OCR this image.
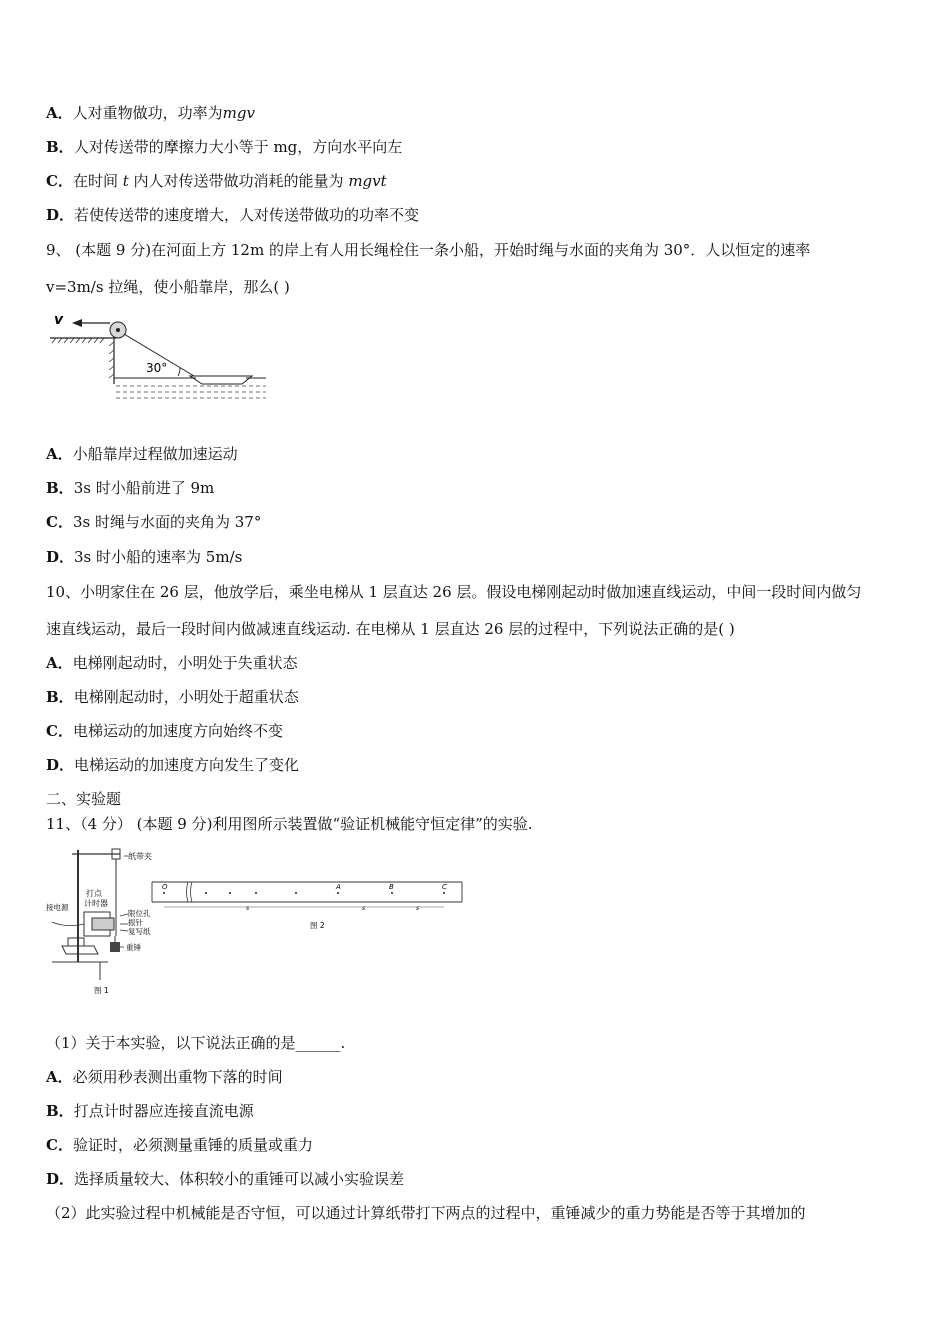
A．人对重物做功，功率为mgv
B．人对传送带的摩擦力大小等于 mg，方向水平向左
C．在时间 t 内人对传送带做功消耗的能量为 mgvt
D．若使传送带的速度增大，人对传送带做功的功率不变
9、 (本题 9 分)在河面上方 12m 的岸上有人用长绳栓住一条小船，开始时绳与水面的夹角为 30°．人以恒定的速率
v=3m/s 拉绳，使小船靠岸，那么( )
v
30°
A．小船靠岸过程做加速运动
B．3s 时小船前进了 9m
C．3s 时绳与水面的夹角为 37°
D．3s 时小船的速率为 5m/s
10、小明家住在 26 层，他放学后，乘坐电梯从 1 层直达 26 层。假设电梯刚起动时做加速直线运动，中间一段时间内做匀
速直线运动，最后一段时间内做减速直线运动. 在电梯从 1 层直达 26 层的过程中，下列说法正确的是( )
A．电梯刚起动时，小明处于失重状态
B．电梯刚起动时，小明处于超重状态
C．电梯运动的加速度方向始终不变
D．电梯运动的加速度方向发生了变化
二、实验题
11、（4 分） (本题 9 分)利用图所示装置做“验证机械能守恒定律”的实验.
纸带夹
打点
计时器
接电源
限位孔
振针
复写纸
重锤
图 1
O	A	B	C
s	s	s
图 2
（1）关于本实验，以下说法正确的是______.
A．必须用秒表测出重物下落的时间
B．打点计时器应连接直流电源
C．验证时，必须测量重锤的质量或重力
D．选择质量较大、体积较小的重锤可以减小实验误差
（2）此实验过程中机械能是否守恒，可以通过计算纸带打下两点的过程中，重锤减少的重力势能是否等于其增加的
